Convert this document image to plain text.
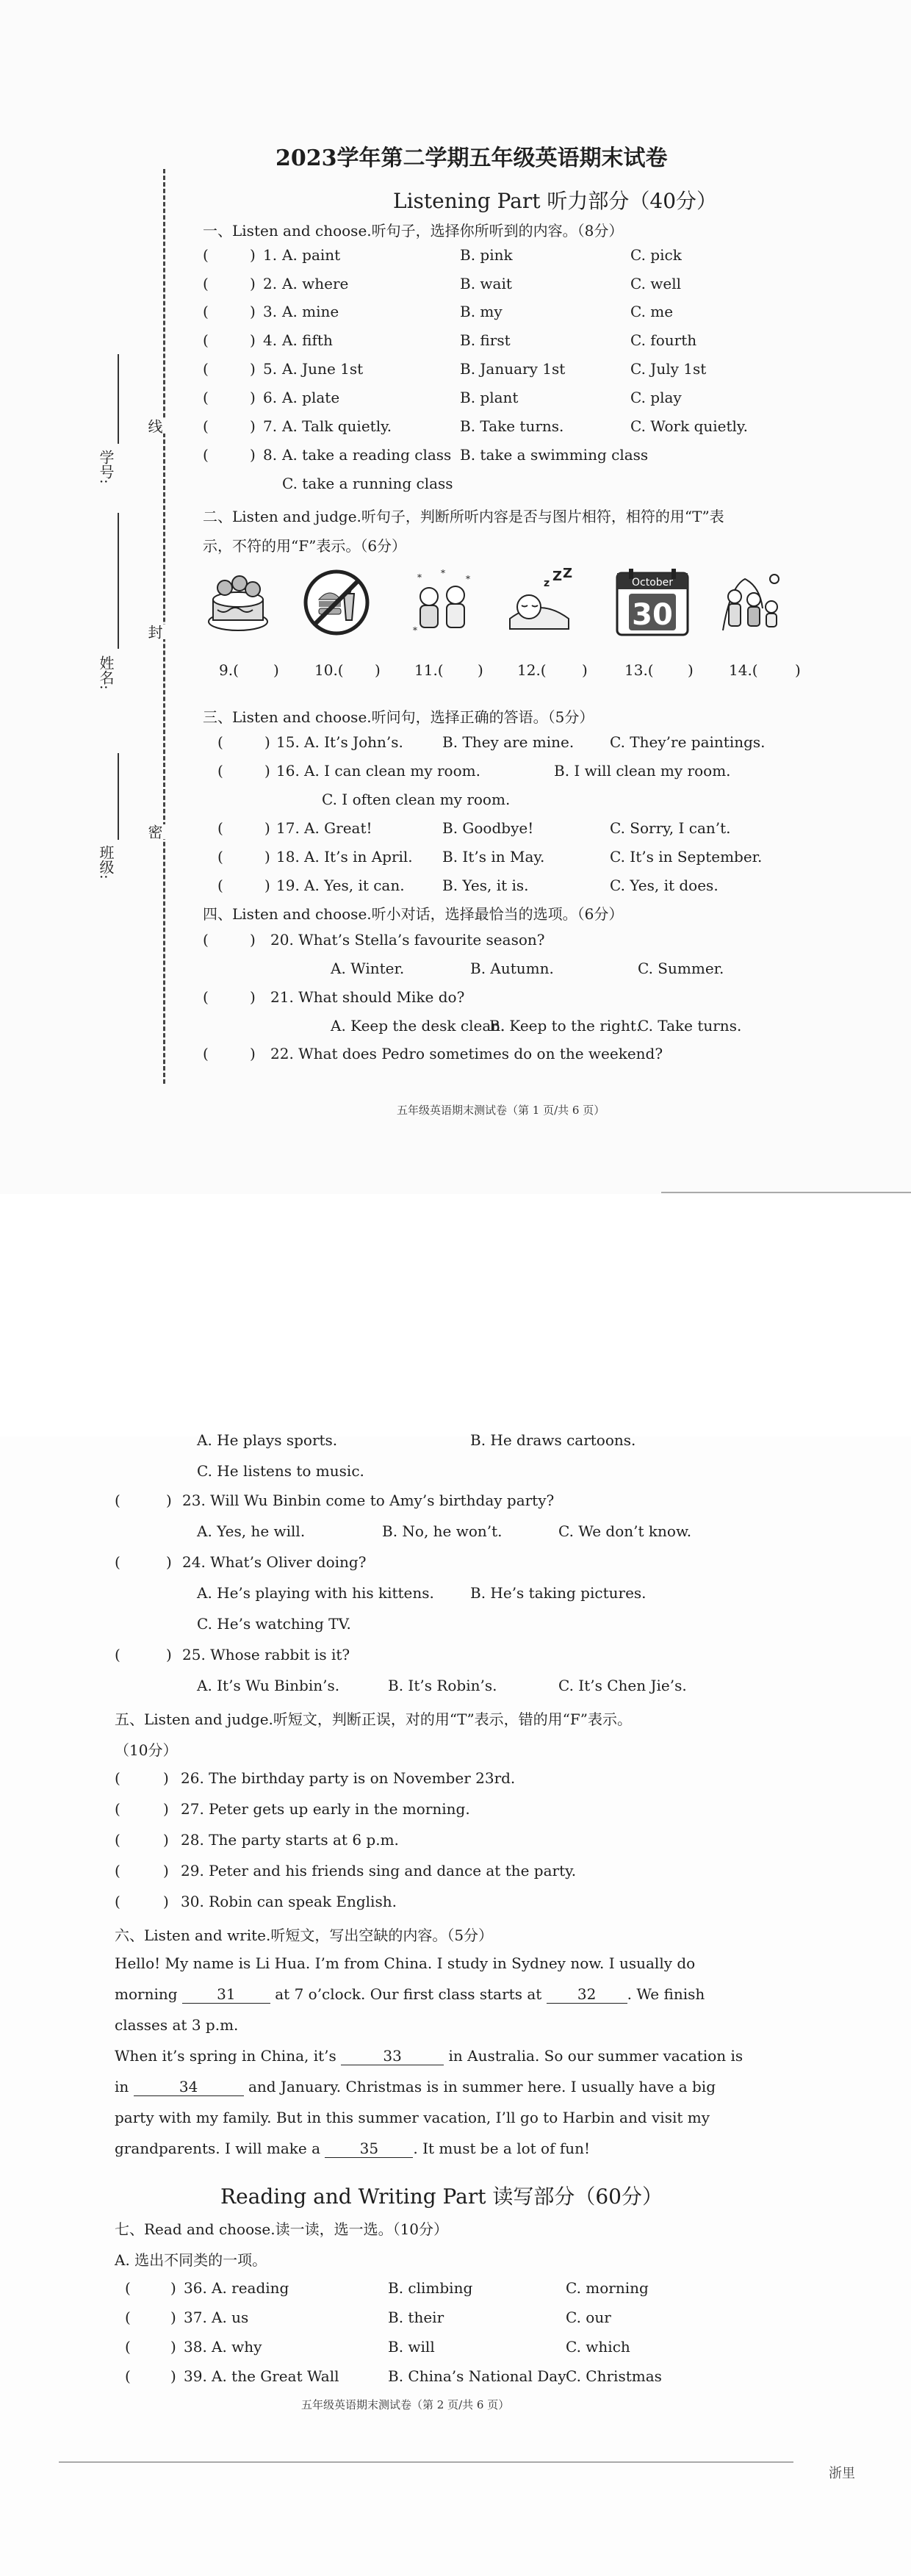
学号:
姓名:
班级:
线
封
密
2023学年第二学期五年级英语期末试卷
Listening Part 听力部分（40分）
一、Listen and choose.听句子，选择你所听到的内容。（8分）
(	) 1. A. paint	B. pink	C. pick
(	) 2. A. where	B. wait	C. well
(	) 3. A. mine	B. my	C. me
(	) 4. A. fifth	B. first	C. fourth
(	) 5. A. June 1st	B. January 1st	C. July 1st
(	) 6. A. plate	B. plant	C. play
(	) 7. A. Talk quietly.	B. Take turns.	C. Work quietly.
(	) 8. A. take a reading class B. take a swimming class
C. take a running class
二、Listen and judge.听句子，判断所听内容是否与图片相符，相符的用“T”表
示，不符的用“F”表示。（6分）
* *
*
*
z Z Z
October
30
9.( ) 10.( ) 11.( ) 12.( )	13.( ) 14.(	)
三、Listen and choose.听问句，选择正确的答语。（5分）
(	) 15. A. It’s John’s.	B. They are mine. C. They’re paintings.
(	) 16. A. I can clean my room.	B. I will clean my room.
C. I often clean my room.
(	) 17. A. Great!	B. Goodbye!	C. Sorry, I can’t.
(	) 18. A. It’s in April. B. It’s in May.	C. It’s in September.
(	) 19. A. Yes, it can.	B. Yes, it is.	C. Yes, it does.
四、Listen and choose.听小对话，选择最恰当的选项。（6分）
(	) 20. What’s Stella’s favourite season?
A. Winter.	B. Autumn.	C. Summer.
(	) 21. What should Mike do?
A. Keep the desk clean.
B. Keep to the right.
C. Take turns.
(	) 22. What does Pedro sometimes do on the weekend?
五年级英语期末测试卷（第 1 页/共 6 页）
A. He plays sports.	B. He draws cartoons.
C. He listens to music.
(	) 23. Will Wu Binbin come to Amy’s birthday party?
A. Yes, he will.	B. No, he won’t.	C. We don’t know.
(	) 24. What’s Oliver doing?
A. He’s playing with his kittens. B. He’s taking pictures.
C. He’s watching TV.
(	) 25. Whose rabbit is it?
A. It’s Wu Binbin’s.	B. It’s Robin’s.	C. It’s Chen Jie’s.
五、Listen and judge.听短文，判断正误，对的用“T”表示，错的用“F”表示。
（10分）
(	) 26. The birthday party is on November 23rd.
(	) 27. Peter gets up early in the morning.
(	) 28. The party starts at 6 p.m.
(	) 29. Peter and his friends sing and dance at the party.
(	) 30. Robin can speak English.
六、Listen and write.听短文，写出空缺的内容。（5分）
Hello! My name is Li Hua. I’m from China. I study in Sydney now. I usually do
morning	31	at 7 o’clock. Our first class starts at 32 . We finish
classes at 3 p.m.
When it’s spring in China, it’s	33	in Australia. So our summer vacation is
in	34	and January. Christmas is in summer here. I usually have a big
party with my family. But in this summer vacation, I’ll go to Harbin and visit my
grandparents. I will make a	35 . It must be a lot of fun!
Reading and Writing Part 读写部分（60分）
七、Read and choose.读一读，选一选。（10分）
A. 选出不同类的一项。
(	) 36. A. reading	B. climbing	C. morning
(	) 37. A. us	B. their	C. our
(	) 38. A. why	B. will	C. which
(	) 39. A. the Great Wall	B. China’s National Day C. Christmas
五年级英语期末测试卷（第 2 页/共 6 页）
浙里
